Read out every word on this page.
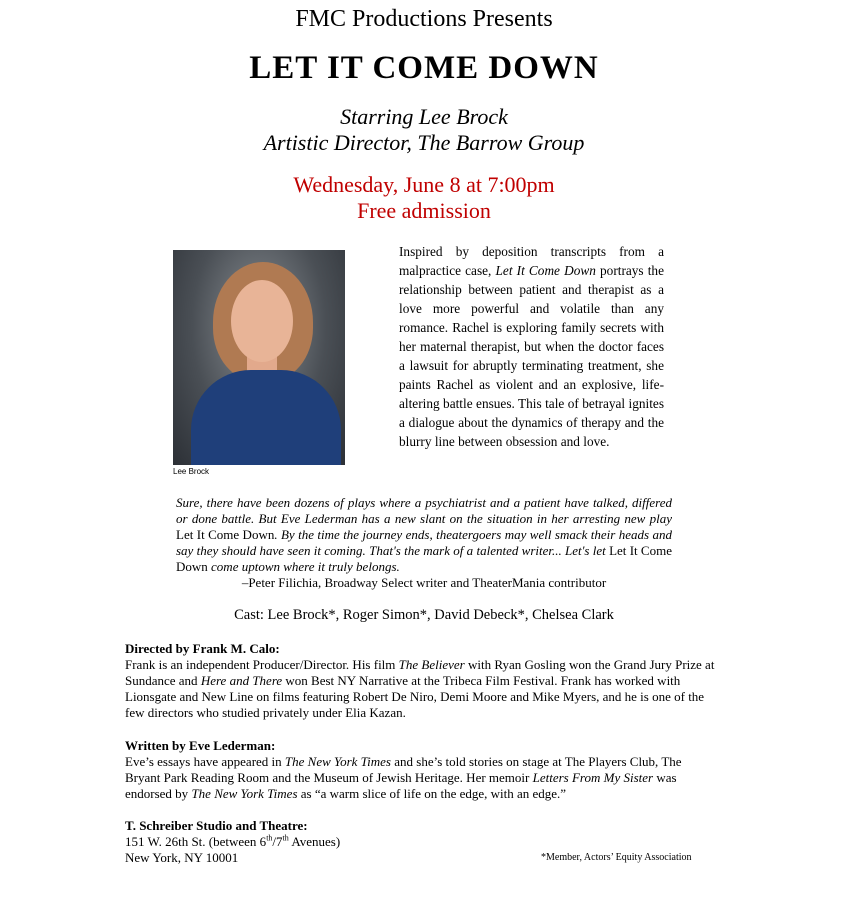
FMC Productions Presents
LET IT COME DOWN
Starring Lee Brock
Artistic Director, The Barrow Group
Wednesday, June 8 at 7:00pm
Free admission
Lee Brock
Inspired by deposition transcripts from a malpractice case, Let It Come Down portrays the relationship between patient and therapist as a love more powerful and volatile than any romance. Rachel is exploring family secrets with her maternal therapist, but when the doctor faces a lawsuit for abruptly terminating treatment, she paints Rachel as violent and an explosive, life-altering battle ensues. This tale of betrayal ignites a dialogue about the dynamics of therapy and the blurry line between obsession and love.
Sure, there have been dozens of plays where a psychiatrist and a patient have talked, differed or done battle. But Eve Lederman has a new slant on the situation in her arresting new play Let It Come Down. By the time the journey ends, theatergoers may well smack their heads and say they should have seen it coming. That's the mark of a talented writer... Let's let Let It Come Down come uptown where it truly belongs.
–Peter Filichia, Broadway Select writer and TheaterMania contributor
Cast: Lee Brock*, Roger Simon*, David Debeck*, Chelsea Clark
Directed by Frank M. Calo:
Frank is an independent Producer/Director. His film The Believer with Ryan Gosling won the Grand Jury Prize at Sundance and Here and There won Best NY Narrative at the Tribeca Film Festival. Frank has worked with Lionsgate and New Line on films featuring Robert De Niro, Demi Moore and Mike Myers, and he is one of the few directors who studied privately under Elia Kazan.
Written by Eve Lederman:
Eve’s essays have appeared in The New York Times and she’s told stories on stage at The Players Club, The Bryant Park Reading Room and the Museum of Jewish Heritage. Her memoir Letters From My Sister was endorsed by The New York Times as “a warm slice of life on the edge, with an edge.”
T. Schreiber Studio and Theatre:
151 W. 26th St. (between 6th/7th Avenues)
New York, NY 10001	*Member, Actors’ Equity Association
